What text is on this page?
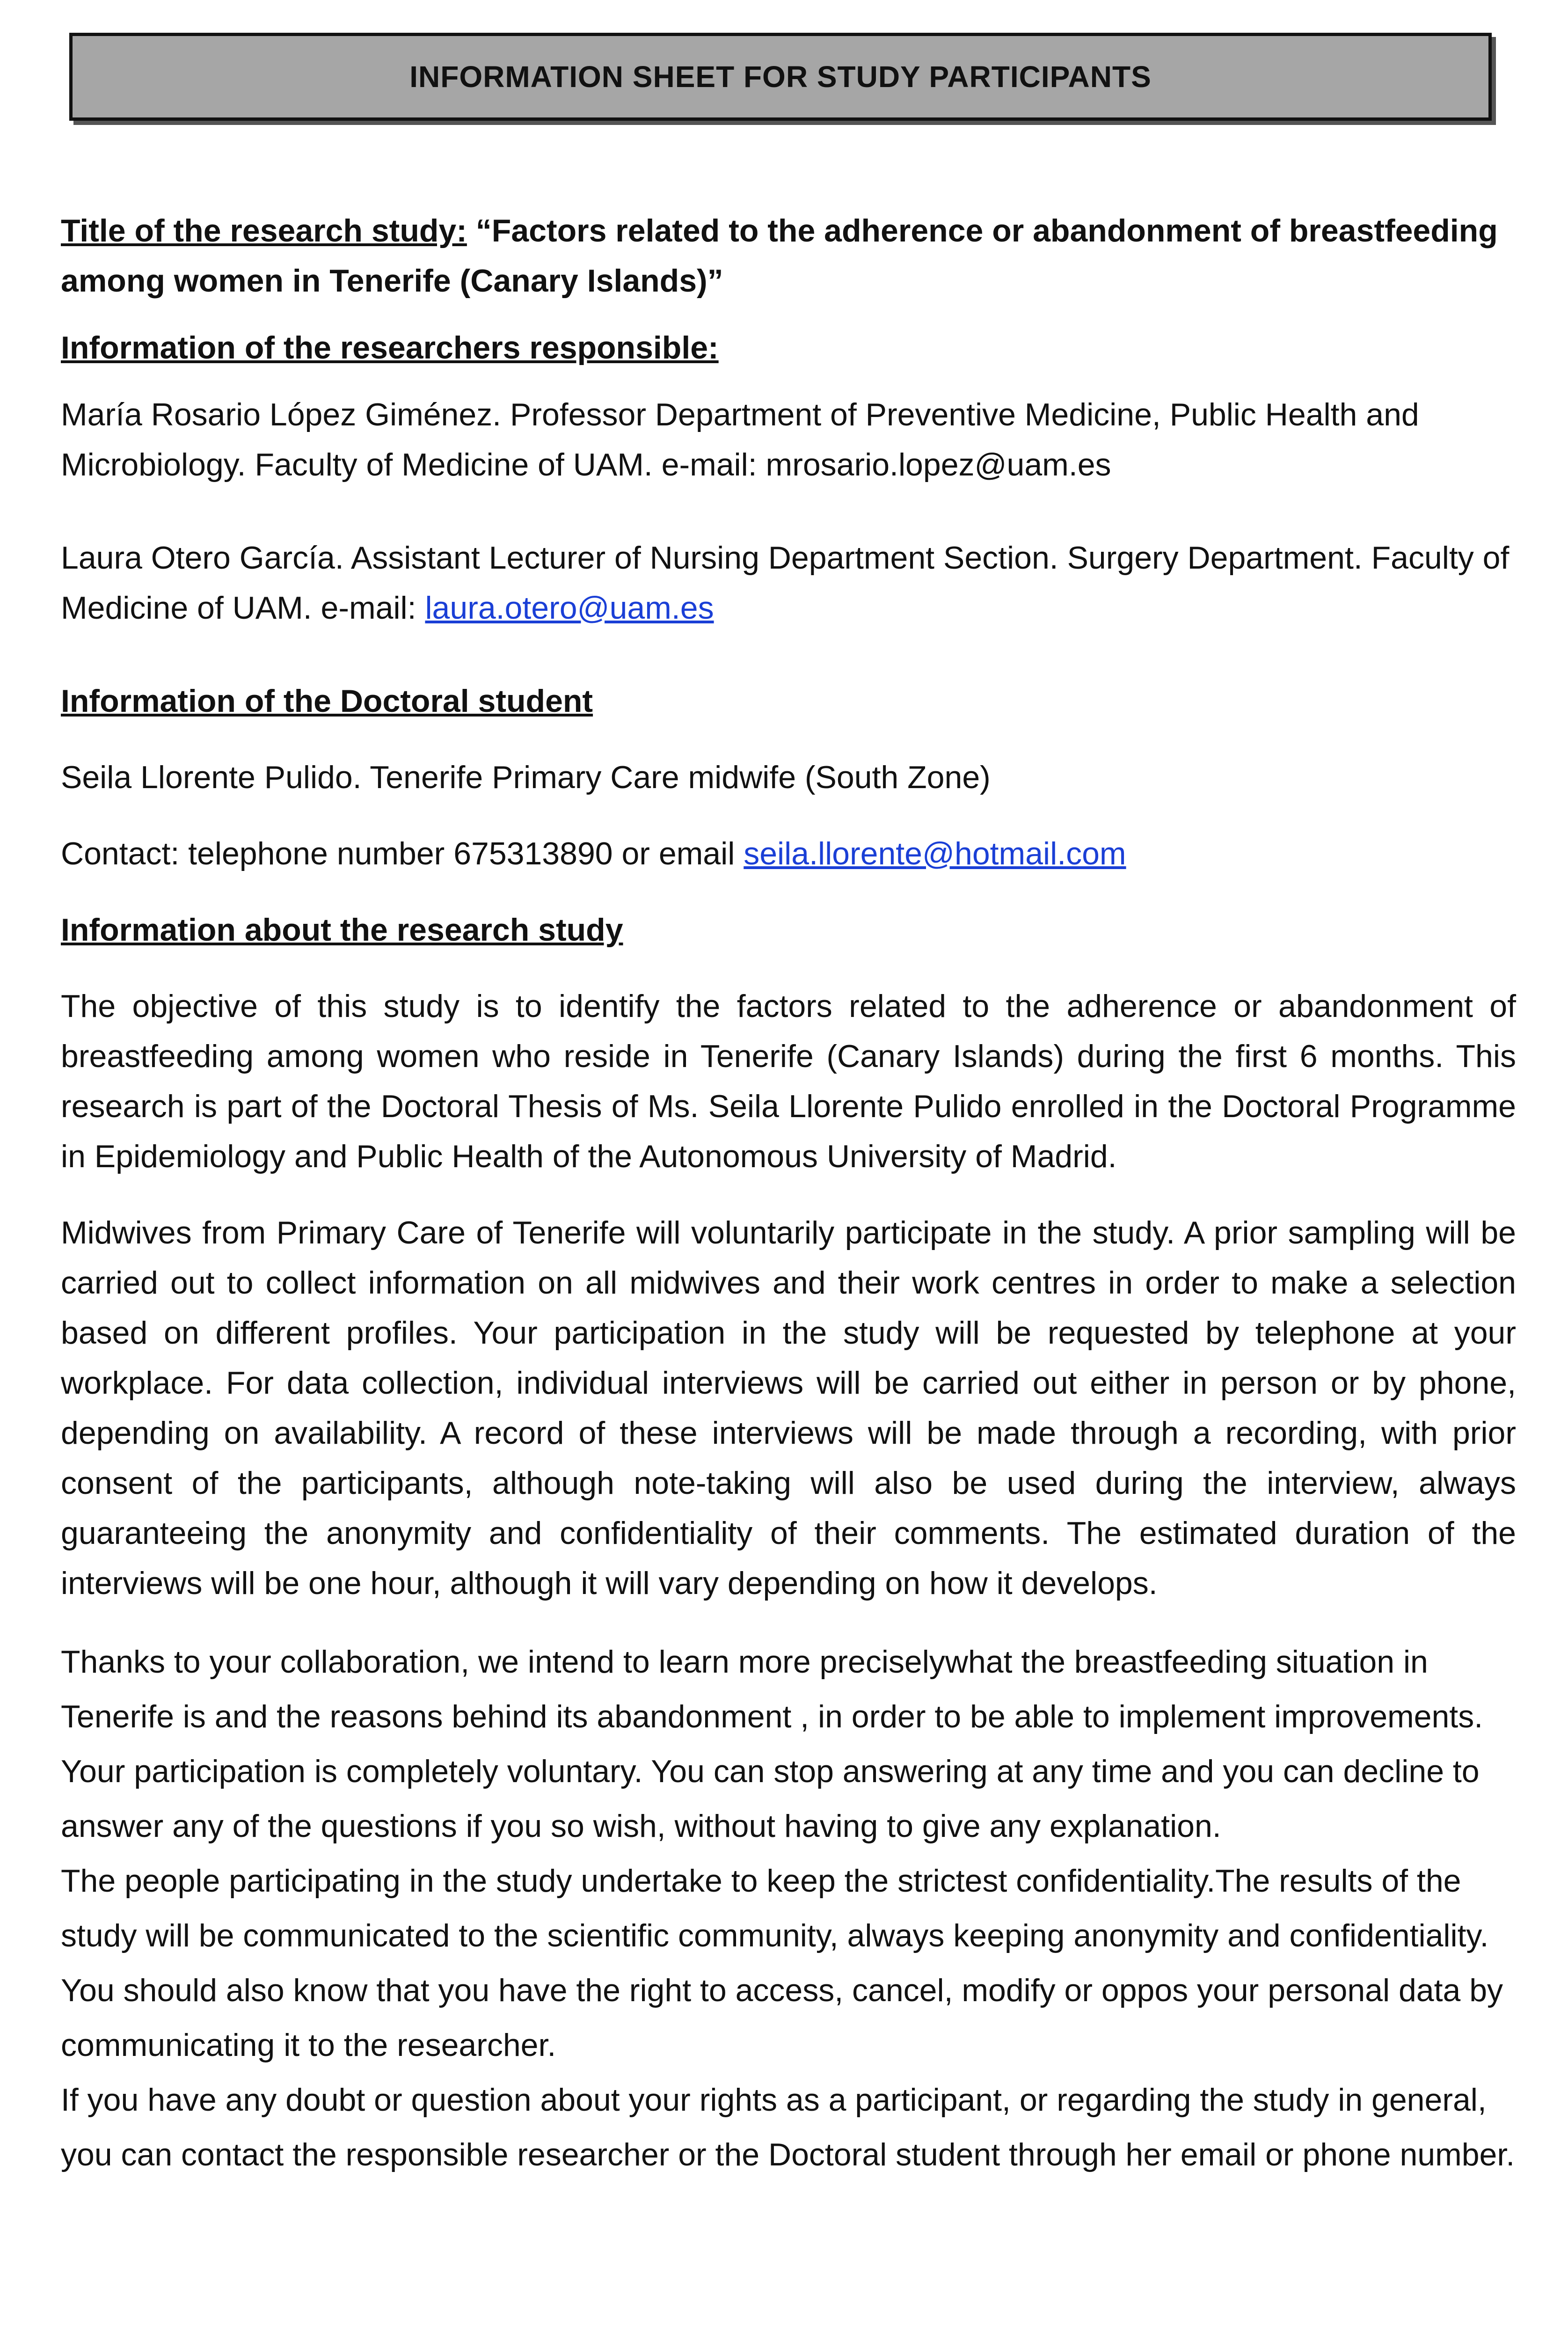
INFORMATION SHEET FOR STUDY PARTICIPANTS

Title of the research study: “Factors related to the adherence or abandonment of breastfeeding among women in Tenerife (Canary Islands)”

Information of the researchers responsible:

María Rosario López Giménez. Professor Department of Preventive Medicine, Public Health and Microbiology. Faculty of Medicine of UAM. e-mail: mrosario.lopez@uam.es

Laura Otero García. Assistant Lecturer of Nursing Department Section. Surgery Department. Faculty of Medicine of UAM. e-mail: laura.otero@uam.es

Information of the Doctoral student

Seila Llorente Pulido. Tenerife Primary Care midwife (South Zone)

Contact: telephone number 675313890 or email seila.llorente@hotmail.com

Information about the research study

The objective of this study is to identify the factors related to the adherence or abandonment of breastfeeding among women who reside in Tenerife (Canary Islands) during the first 6 months. This research is part of the Doctoral Thesis of Ms. Seila Llorente Pulido enrolled in the Doctoral Programme in Epidemiology and Public Health of the Autonomous University of Madrid.

Midwives from Primary Care of Tenerife will voluntarily participate in the study. A prior sampling will be carried out to collect information on all midwives and their work centres in order to make a selection based on different profiles. Your participation in the study will be requested by telephone at your workplace. For data collection, individual interviews will be carried out either in person or by phone, depending on availability. A record of these interviews will be made through a recording, with prior consent of the participants, although note-taking will also be used during the interview, always guaranteeing the anonymity and confidentiality of their comments. The estimated duration of the interviews will be one hour, although it will vary depending on how it develops.

Thanks to your collaboration, we intend to learn more preciselywhat the breastfeeding situation in Tenerife is and the reasons behind its abandonment , in order to be able to implement improvements. Your participation is completely voluntary. You can stop answering at any time and you can decline to answer any of the questions if you so wish, without having to give any explanation.

The people participating in the study undertake to keep the strictest confidentiality.The results of the study will be communicated to the scientific community, always keeping anonymity and confidentiality. You should also know that you have the right to access, cancel, modify or oppos your personal data by communicating it to the researcher.

If you have any doubt or question about your rights as a participant, or regarding the study in general, you can contact the responsible researcher or the Doctoral student through her email or phone number.
